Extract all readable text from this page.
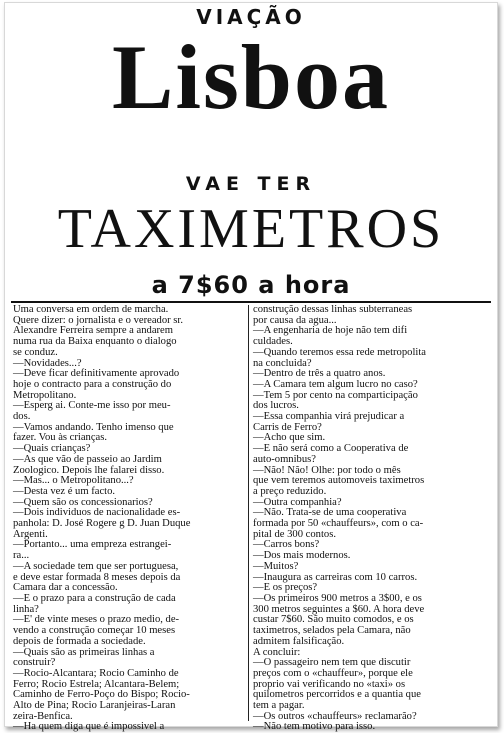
VIAÇÃO
Lisboa
VAE TER
TAXIMETROS
a 7$60 a hora

Uma conversa em ordem de marcha.

Quere dizer: o jornalista e o vereador sr.

Alexandre Ferreira sempre a andarem

numa rua da Baixa enquanto o dialogo

se conduz.

—Novidades...?

—Deve ficar definitivamente aprovado

hoje o contracto para a construção do

Metropolitano.

—Esperg ai. Conte-me isso por meu-

dos.

—Vamos andando. Tenho imenso que

fazer. Vou às crianças.

—Quais crianças?

—As que vão de passeio ao Jardim

Zoologico. Depois lhe falarei disso.

—Mas... o Metropolitano...?

—Desta vez é um facto.

—Quem são os concessionarios?

—Dois individuos de nacionalidade es-

panhola: D. José Rogere g D. Juan Duque

Argenti.

—Portanto... uma empreza estrangei-

ra...

—A sociedade tem que ser portuguesa,

e deve estar formada 8 meses depois da

Camara dar a concessão.

—E o prazo para a construção de cada

linha?

—E' de vinte meses o prazo medio, de-

vendo a construção começar 10 meses

depois de formada a sociedade.

—Quais são as primeiras linhas a

construir?

—Rocio-Alcantara; Rocio Caminho de

Ferro; Rocio Estrela; Alcantara-Belem;

Caminho de Ferro-Poço do Bispo; Rocio-

Alto de Pina; Rocio Laranjeiras-Laran

zeira-Benfica.

—Ha quem diga que é impossivel a

construção dessas linhas subterraneas

por causa da agua...

—A engenharia de hoje não tem difi

culdades.

—Quando teremos essa rede metropolita

na concluida?

—Dentro de três a quatro anos.

—A Camara tem algum lucro no caso?

—Tem 5 por cento na comparticipação

dos lucros.

—Essa companhia virá prejudicar a

Carris de Ferro?

—Acho que sim.

—E não será como a Cooperativa de

auto-omnibus?

—Não! Não! Olhe: por todo o mês

que vem teremos automoveis taximetros

a preço reduzido.

—Outra companhia?

—Não. Trata-se de uma cooperativa

formada por 50 «chauffeurs», com o ca-

pital de 300 contos.

—Carros bons?

—Dos mais modernos.

—Muitos?

—Inaugura as carreiras com 10 carros.

—E os preços?

—Os primeiros 900 metros a 3$00, e os

300 metros seguintes a $60. A hora deve

custar 7$60. São muito comodos, e os

taximetros, selados pela Camara, não

admitem falsificação.

A concluir:

—O passageiro nem tem que discutir

preços com o «chauffeur», porque ele

proprio vai verificando no «taxi» os

quilometros percorridos e a quantia que

tem a pagar.

—Os outros «chauffeurs» reclamarão?

—Não tem motivo para isso.
